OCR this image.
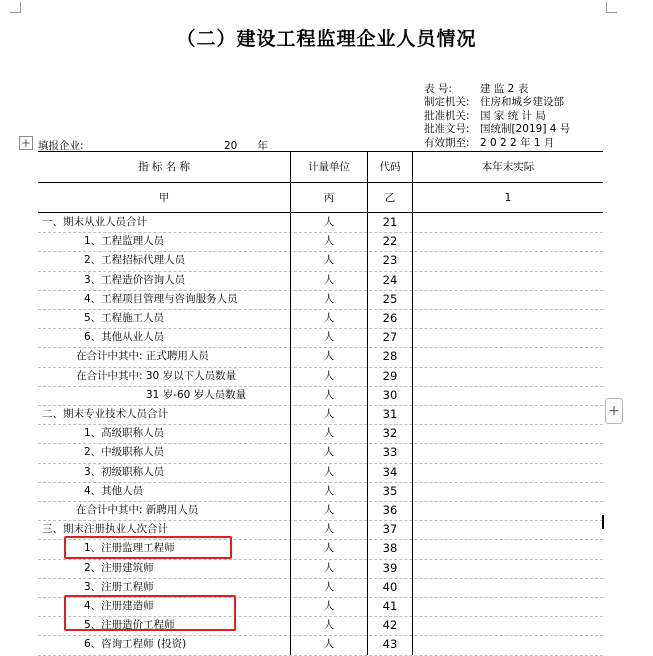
（二）建设工程监理企业人员情况
表 号:	建 监 2 表
制定机关: 住房和城乡建设部
批准机关: 国 家 统 计 局
批准文号: 国统制[2019] 4 号
有效期至: 2 0 2 2 年 1 月
+ 填报企业:	20 年
指 标 名 称	计量单位	代码	本年末实际
甲	丙	乙	1
一、期末从业人员合计	人	21
1、工程监理人员	人	22
2、工程招标代理人员	人	23
3、工程造价咨询人员	人	24
4、工程项目管理与咨询服务人员	人	25
5、工程施工人员	人	26
6、其他从业人员	人	27
在合计中其中: 正式聘用人员	人	28
在合计中其中: 30 岁以下人员数量	人	29
31 岁-60 岁人员数量	人	30
二、期末专业技术人员合计	人	31
1、高级职称人员	人	32
2、中级职称人员	人	33
3、初级职称人员	人	34
4、其他人员	人	35
在合计中其中: 新聘用人员	人	36
三、期末注册执业人次合计	人	37
1、注册监理工程师	人	38
2、注册建筑师	人	39
3、注册工程师	人	40
4、注册建造师	人	41
5、注册造价工程师	人	42
6、咨询工程师 (投资)	人	43
+
